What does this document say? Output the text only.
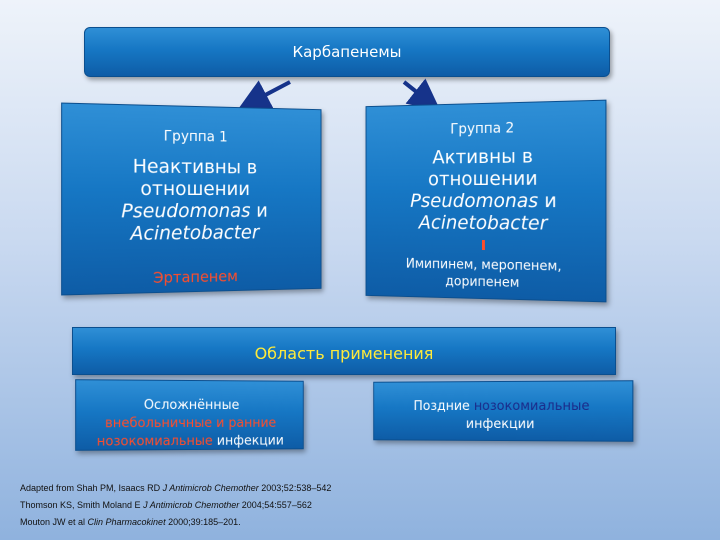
Карбапенемы
Группа 1
Неактивны в
отношении
Pseudomonas и
Acinetobacter
Эртапенем
Группа 2
Активны в
отношении
Pseudomonas и
Acinetobacter
Имипинем, меропенем,
дорипенем
Область применения
Осложнённые
внебольничные и ранние
нозокомиальные инфекции
Поздние нозокомиальные
инфекции
Adapted from Shah PM, Isaacs RD J Antimicrob Chemother 2003;52:538–542
Thomson KS, Smith Moland E J Antimicrob Chemother 2004;54:557–562
Mouton JW et al Clin Pharmacokinet 2000;39:185–201.
